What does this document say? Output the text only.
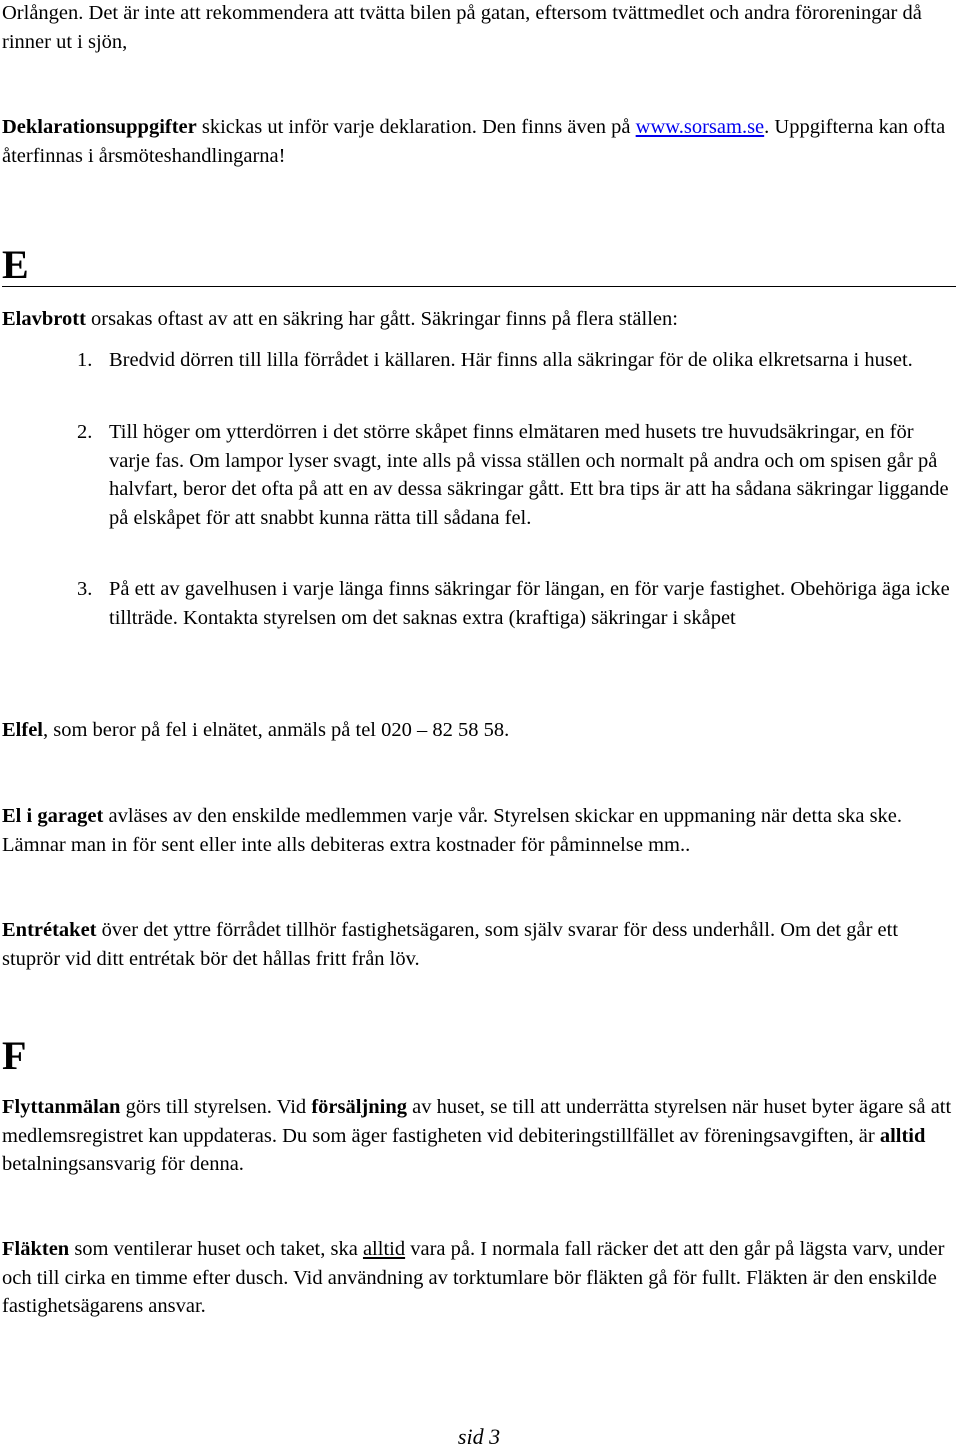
Orlången. Det är inte att rekommendera att tvätta bilen på gatan, eftersom tvättmedlet och andra föroreningar då rinner ut i sjön,

Deklarationsuppgifter skickas ut inför varje deklaration. Den finns även på www.sorsam.se. Uppgifterna kan ofta återfinnas i årsmöteshandlingarna!

E

Elavbrott orsakas oftast av att en säkring har gått. Säkringar finns på flera ställen:

1. Bredvid dörren till lilla förrådet i källaren. Här finns alla säkringar för de olika elkretsarna i huset.
2. Till höger om ytterdörren i det större skåpet finns elmätaren med husets tre huvudsäkringar, en för varje fas. Om lampor lyser svagt, inte alls på vissa ställen och normalt på andra och om spisen går på halvfart, beror det ofta på att en av dessa säkringar gått. Ett bra tips är att ha sådana säkringar liggande på elskåpet för att snabbt kunna rätta till sådana fel.
3. På ett av gavelhusen i varje länga finns säkringar för längan, en för varje fastighet. Obehöriga äga icke tillträde. Kontakta styrelsen om det saknas extra (kraftiga) säkringar i skåpet

Elfel, som beror på fel i elnätet, anmäls på tel 020 – 82 58 58.

El i garaget avläses av den enskilde medlemmen varje vår. Styrelsen skickar en uppmaning när detta ska ske. Lämnar man in för sent eller inte alls debiteras extra kostnader för påminnelse mm..

Entrétaket över det yttre förrådet tillhör fastighetsägaren, som själv svarar för dess underhåll. Om det går ett stuprör vid ditt entrétak bör det hållas fritt från löv.

F

Flyttanmälan görs till styrelsen. Vid försäljning av huset, se till att underrätta styrelsen när huset byter ägare så att medlemsregistret kan uppdateras. Du som äger fastigheten vid debiteringstillfället av föreningsavgiften, är alltid betalningsansvarig för denna.

Fläkten som ventilerar huset och taket, ska alltid vara på. I normala fall räcker det att den går på lägsta varv, under och till cirka en timme efter dusch. Vid användning av torktumlare bör fläkten gå för fullt. Fläkten är den enskilde fastighetsägarens ansvar.

sid 3
